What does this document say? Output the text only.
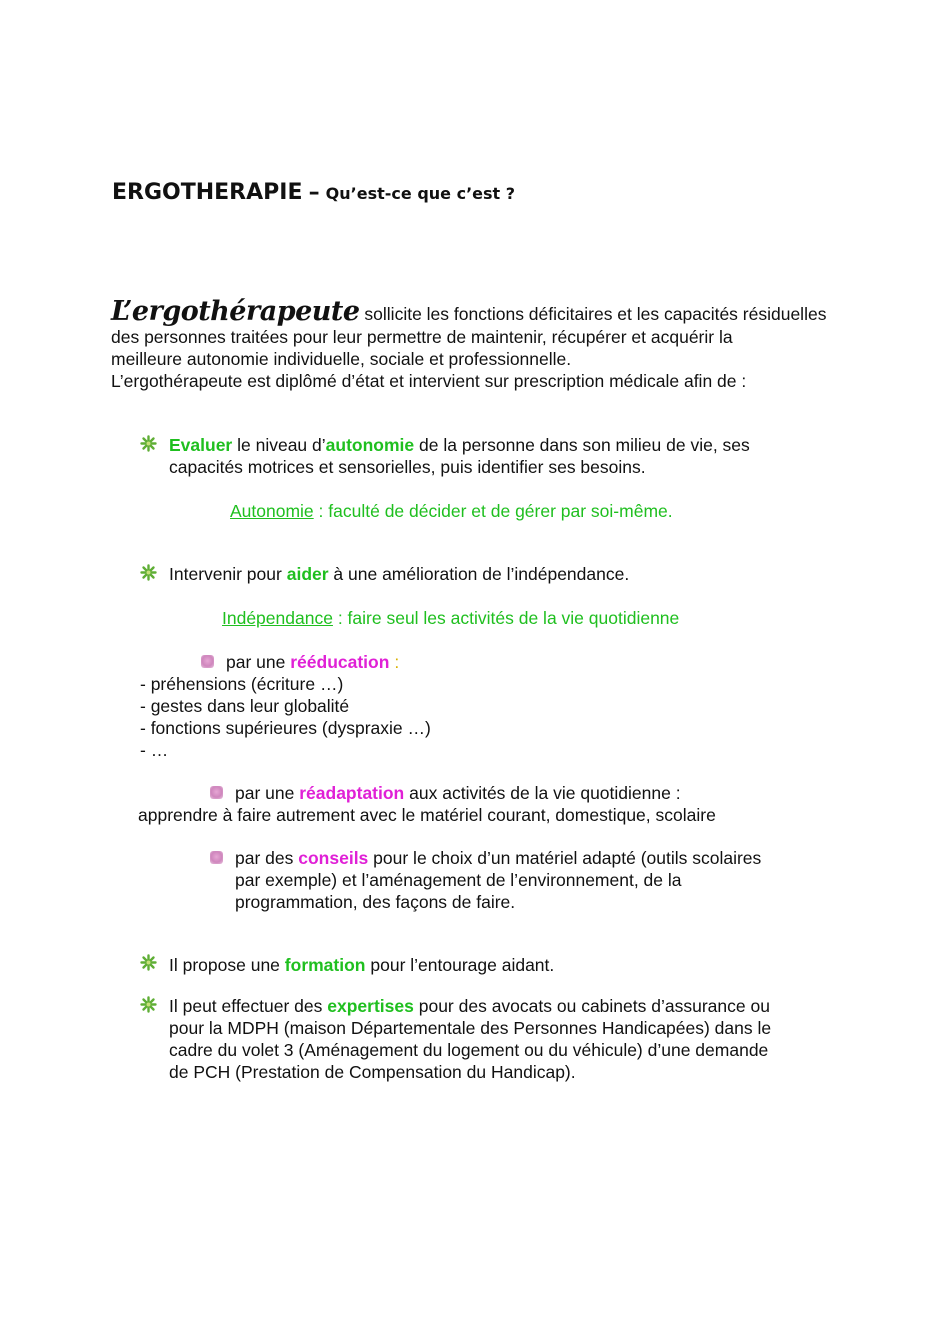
ERGOTHERAPIE – Qu’est-ce que c’est ?
L’ergothérapeute sollicite les fonctions déficitaires et les capacités résiduelles
des personnes traitées pour leur permettre de maintenir, récupérer et acquérir la
meilleure autonomie individuelle, sociale et professionnelle.
L’ergothérapeute est diplômé d’état et intervient sur prescription médicale afin de :
Evaluer le niveau d’autonomie de la personne dans son milieu de vie, ses
capacités motrices et sensorielles, puis identifier ses besoins.
Autonomie : faculté de décider et de gérer par soi-même.
Intervenir pour aider à une amélioration de l’indépendance.
Indépendance : faire seul les activités de la vie quotidienne
par une rééducation :
- préhensions (écriture …)
- gestes dans leur globalité
- fonctions supérieures (dyspraxie …)
- …
par une réadaptation aux activités de la vie quotidienne :
apprendre à faire autrement avec le matériel courant, domestique, scolaire
par des conseils pour le choix d’un matériel adapté (outils scolaires
par exemple) et l’aménagement de l’environnement, de la
programmation, des façons de faire.
Il propose une formation pour l’entourage aidant.
Il peut effectuer des expertises pour des avocats ou cabinets d’assurance ou
pour la MDPH (maison Départementale des Personnes Handicapées) dans le
cadre du volet 3 (Aménagement du logement ou du véhicule) d’une demande
de PCH (Prestation de Compensation du Handicap).
